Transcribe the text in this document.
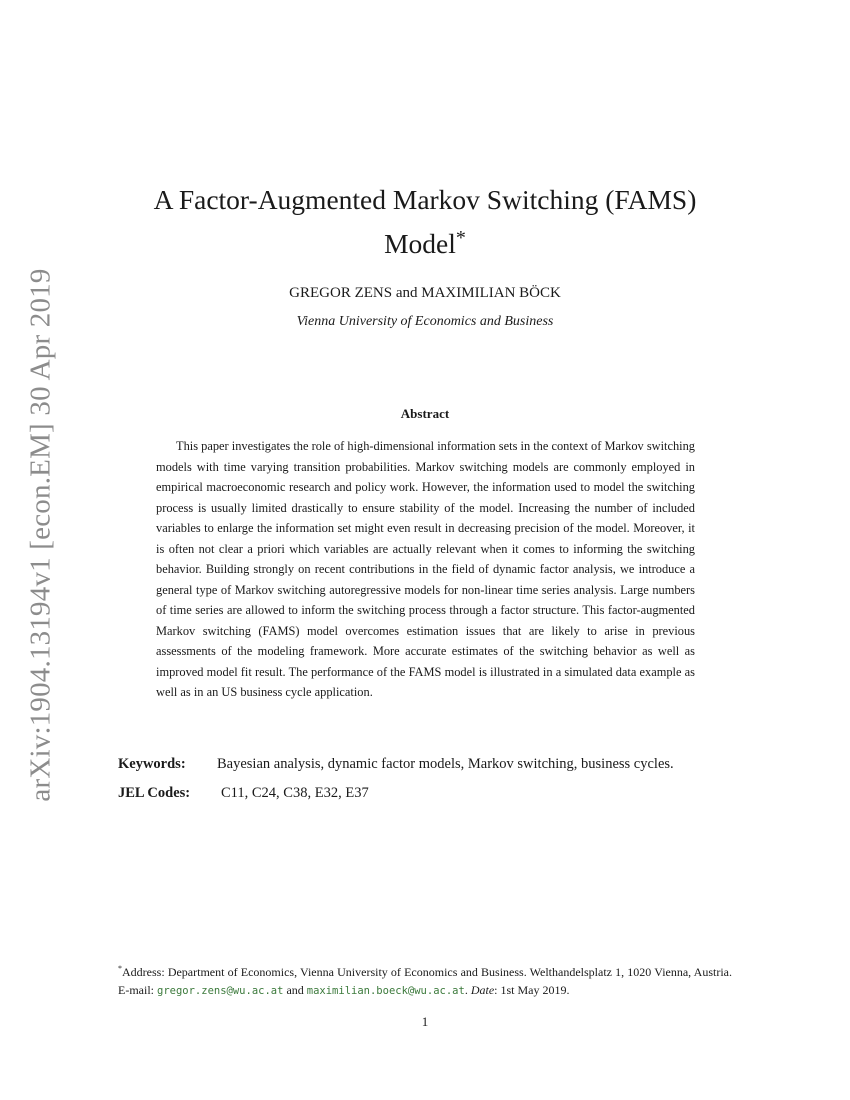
arXiv:1904.13194v1 [econ.EM] 30 Apr 2019
A Factor-Augmented Markov Switching (FAMS)
Model*
GREGOR ZENS and MAXIMILIAN BÖCK
Vienna University of Economics and Business
Abstract

This paper investigates the role of high-dimensional information sets in the context of Markov switching models with time varying transition probabilities. Markov switching models are commonly employed in empirical macroeconomic research and policy work. However, the information used to model the switching process is usually limited drastically to ensure stability of the model. Increasing the number of included variables to enlarge the information set might even result in decreasing precision of the model. Moreover, it is often not clear a priori which variables are actually relevant when it comes to informing the switching behavior. Building strongly on recent contributions in the field of dynamic factor analysis, we introduce a general type of Markov switching autoregressive models for non-linear time series analysis. Large numbers of time series are allowed to inform the switching process through a factor structure. This factor-augmented Markov switching (FAMS) model overcomes estimation issues that are likely to arise in previous assessments of the modeling framework. More accurate estimates of the switching behavior as well as improved model fit result. The performance of the FAMS model is illustrated in a simulated data example as well as in an US business cycle application.

Keywords: Bayesian analysis, dynamic factor models, Markov switching, business cycles.
JEL Codes: C11, C24, C38, E32, E37

*Address: Department of Economics, Vienna University of Economics and Business. Welthandelsplatz 1, 1020 Vienna, Austria. E-mail: gregor.zens@wu.ac.at and maximilian.boeck@wu.ac.at. Date: 1st May 2019.

1
